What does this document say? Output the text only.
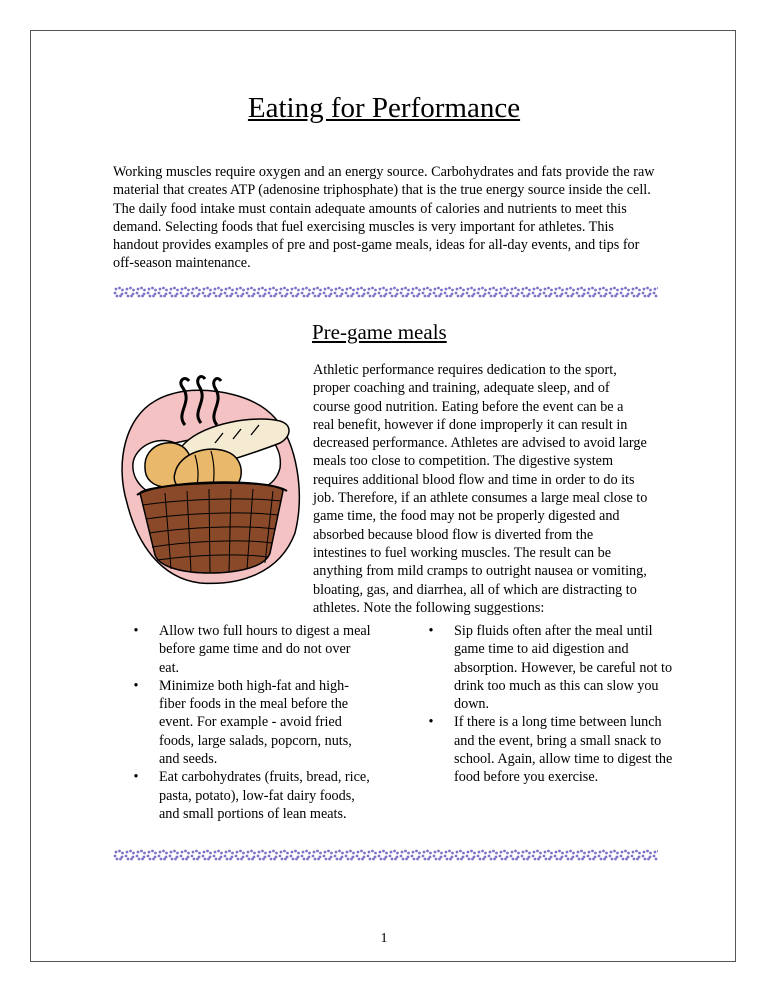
Eating for Performance

Working muscles require oxygen and an energy source. Carbohydrates and fats provide the raw material that creates ATP (adenosine triphosphate) that is the true energy source inside the cell. The daily food intake must contain adequate amounts of calories and nutrients to meet this demand. Selecting foods that fuel exercising muscles is very important for athletes. This handout provides examples of pre and post-game meals, ideas for all-day events, and tips for off-season maintenance.

Pre-game meals

Athletic performance requires dedication to the sport, proper coaching and training, adequate sleep, and of course good nutrition. Eating before the event can be a real benefit, however if done improperly it can result in decreased performance. Athletes are advised to avoid large meals too close to competition. The digestive system requires additional blood flow and time in order to do its job. Therefore, if an athlete consumes a large meal close to game time, the food may not be properly digested and absorbed because blood flow is diverted from the intestines to fuel working muscles. The result can be anything from mild cramps to outright nausea or vomiting, bloating, gas, and diarrhea, all of which are distracting to athletes. Note the following suggestions:

•	Allow two full hours to digest a meal before game time and do not over eat.
•	Minimize both high-fat and high-fiber foods in the meal before the event. For example - avoid fried foods, large salads, popcorn, nuts, and seeds.
•	Eat carbohydrates (fruits, bread, rice, pasta, potato), low-fat dairy foods, and small portions of lean meats.
•	Sip fluids often after the meal until game time to aid digestion and absorption. However, be careful not to drink too much as this can slow you down.
•	If there is a long time between lunch and the event, bring a small snack to school. Again, allow time to digest the food before you exercise.
1
